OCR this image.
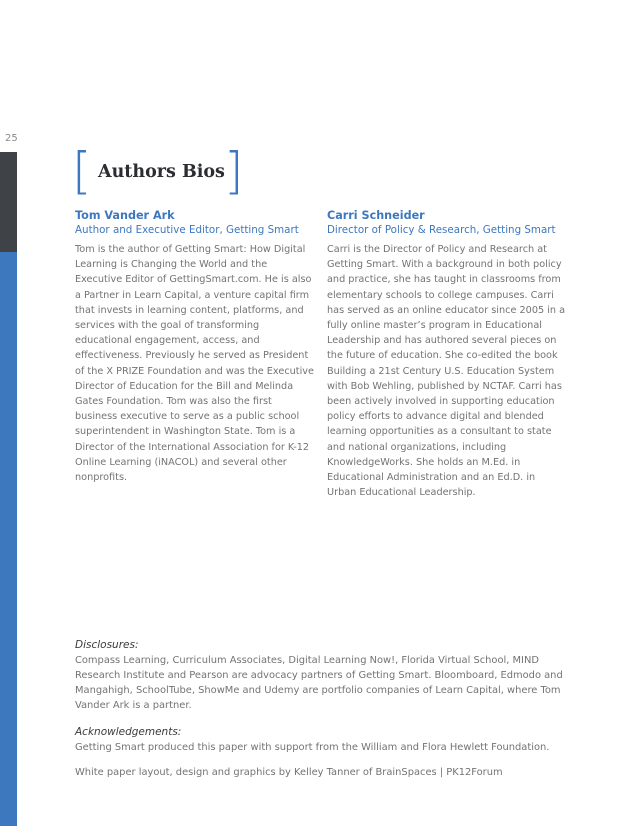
25
[ Authors Bios ]
Tom Vander Ark
Author and Executive Editor, Getting Smart

Tom is the author of Getting Smart: How Digital Learning is Changing the World and the Executive Editor of GettingSmart.com. He is also a Partner in Learn Capital, a venture capital firm that invests in learning content, platforms, and services with the goal of transforming educational engagement, access, and effectiveness. Previously he served as President of the X PRIZE Foundation and was the Executive Director of Education for the Bill and Melinda Gates Foundation. Tom was also the first business executive to serve as a public school superintendent in Washington State. Tom is a Director of the International Association for K-12 Online Learning (iNACOL) and several other nonprofits.

Carri Schneider
Director of Policy & Research, Getting Smart

Carri is the Director of Policy and Research at Getting Smart. With a background in both policy and practice, she has taught in classrooms from elementary schools to college campuses. Carri has served as an online educator since 2005 in a fully online master’s program in Educational Leadership and has authored several pieces on the future of education. She co-edited the book Building a 21st Century U.S. Education System with Bob Wehling, published by NCTAF. Carri has been actively involved in supporting education policy efforts to advance digital and blended learning opportunities as a consultant to state and national organizations, including KnowledgeWorks. She holds an M.Ed. in Educational Administration and an Ed.D. in Urban Educational Leadership.

Disclosures:

Compass Learning, Curriculum Associates, Digital Learning Now!, Florida Virtual School, MIND Research Institute and Pearson are advocacy partners of Getting Smart. Bloomboard, Edmodo and Mangahigh, SchoolTube, ShowMe and Udemy are portfolio companies of Learn Capital, where Tom Vander Ark is a partner.

Acknowledgements:

Getting Smart produced this paper with support from the William and Flora Hewlett Foundation.

White paper layout, design and graphics by Kelley Tanner of BrainSpaces | PK12Forum
